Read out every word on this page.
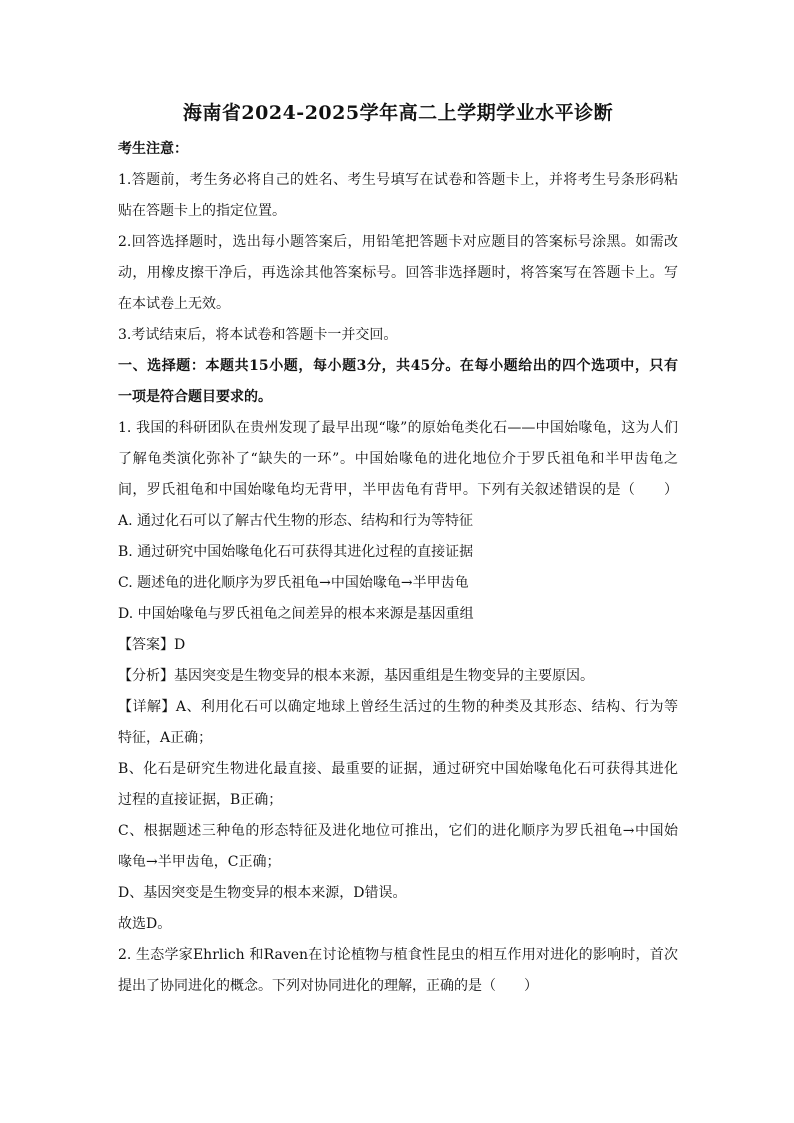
海南省2024-2025学年高二上学期学业水平诊断

考生注意：

1.答题前，考生务必将自己的姓名、考生号填写在试卷和答题卡上，并将考生号条形码粘

贴在答题卡上的指定位置。

2.回答选择题时，选出每小题答案后，用铅笔把答题卡对应题目的答案标号涂黑。如需改

动，用橡皮擦干净后，再选涂其他答案标号。回答非选择题时，将答案写在答题卡上。写

在本试卷上无效。

3.考试结束后，将本试卷和答题卡一并交回。

一、选择题：本题共15小题，每小题3分，共45分。在每小题给出的四个选项中，只有

一项是符合题目要求的。

1. 我国的科研团队在贵州发现了最早出现“喙”的原始龟类化石——中国始喙龟，这为人们

了解龟类演化弥补了“缺失的一环”。中国始喙龟的进化地位介于罗氏祖龟和半甲齿龟之

间，罗氏祖龟和中国始喙龟均无背甲，半甲齿龟有背甲。下列有关叙述错误的是（　　）

A. 通过化石可以了解古代生物的形态、结构和行为等特征

B. 通过研究中国始喙龟化石可获得其进化过程的直接证据

C. 题述龟的进化顺序为罗氏祖龟→中国始喙龟→半甲齿龟

D. 中国始喙龟与罗氏祖龟之间差异的根本来源是基因重组

【答案】D

【分析】基因突变是生物变异的根本来源，基因重组是生物变异的主要原因。

【详解】A、利用化石可以确定地球上曾经生活过的生物的种类及其形态、结构、行为等

特征，A正确；

B、化石是研究生物进化最直接、最重要的证据，通过研究中国始喙龟化石可获得其进化

过程的直接证据，B正确；

C、根据题述三种龟的形态特征及进化地位可推出，它们的进化顺序为罗氏祖龟→中国始

喙龟→半甲齿龟，C正确；

D、基因突变是生物变异的根本来源，D错误。

故选D。

2. 生态学家Ehrlich 和Raven在讨论植物与植食性昆虫的相互作用对进化的影响时，首次

提出了协同进化的概念。下列对协同进化的理解，正确的是（　　）
